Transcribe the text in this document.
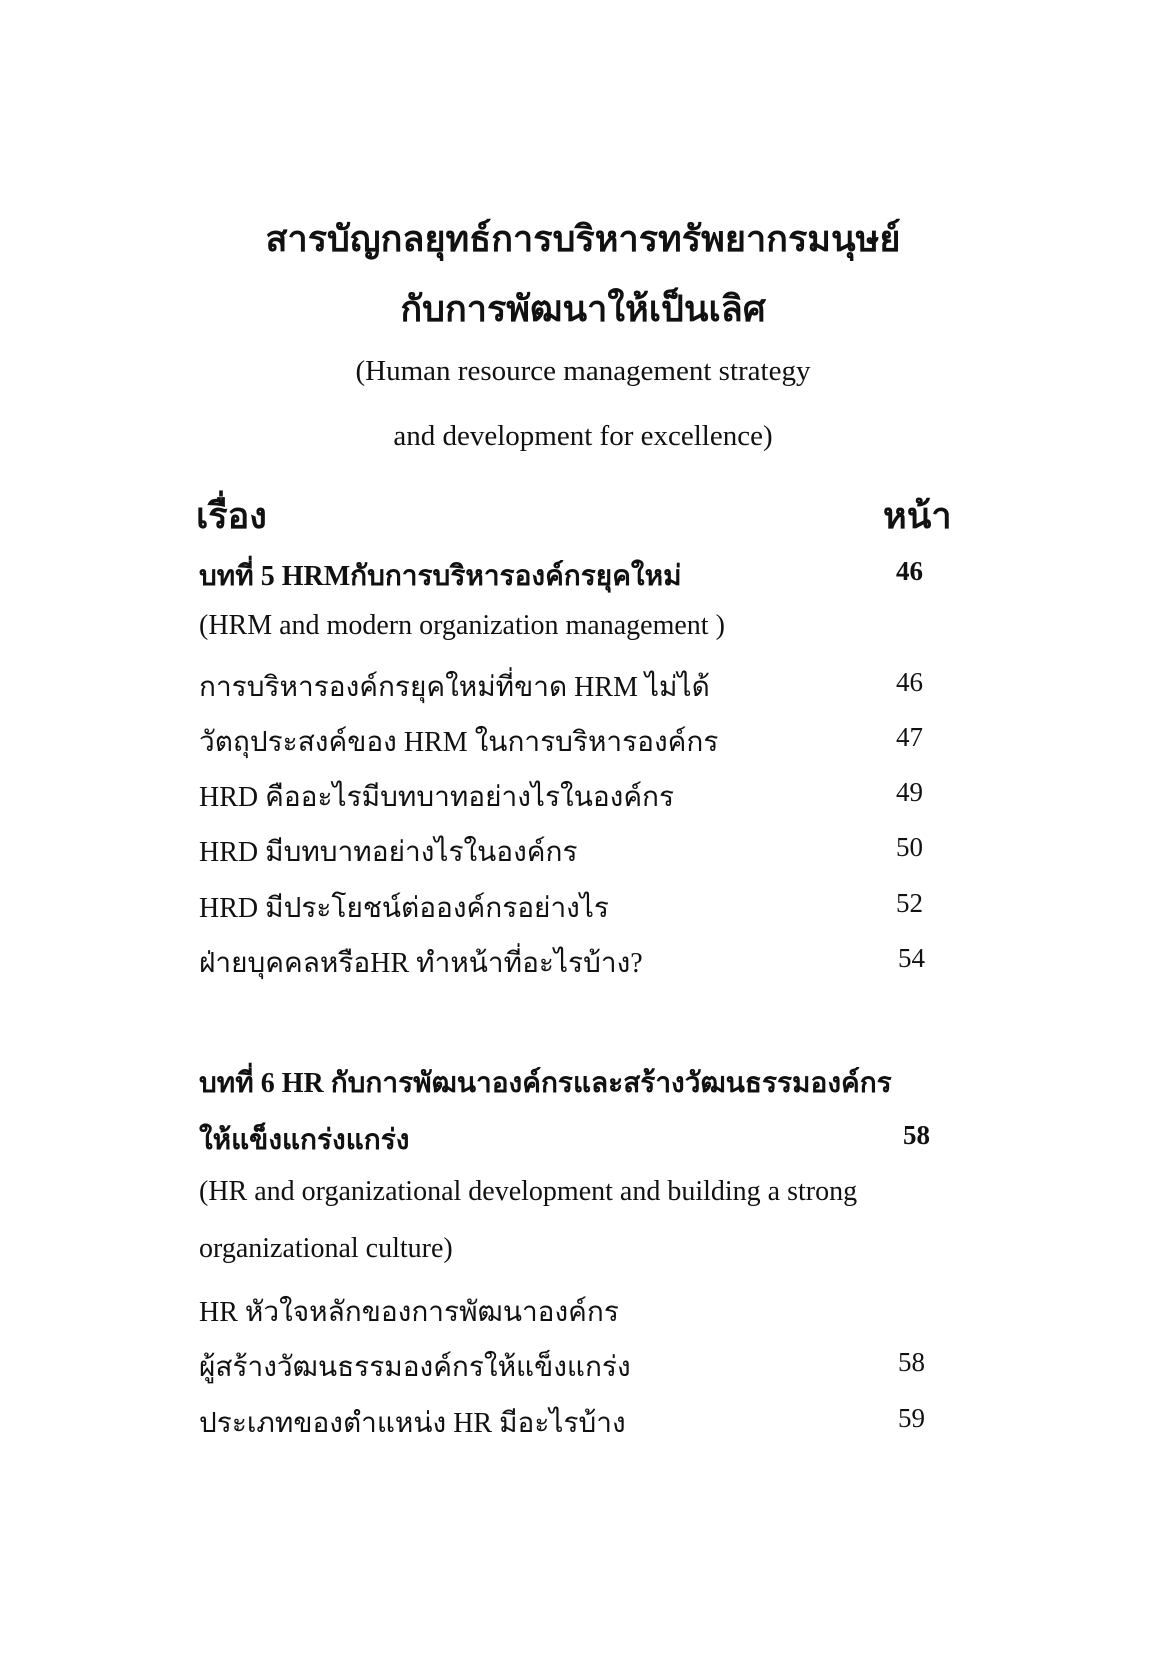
สารบัญกลยุทธ์การบริหารทรัพยากรมนุษย์
กับการพัฒนาให้เป็นเลิศ
(Human resource management strategy
and development for excellence)
เรื่อง	หน้า
บทที่ 5 HRMกับการบริหารองค์กรยุคใหม่	46
(HRM and modern organization management )
การบริหารองค์กรยุคใหม่ที่ขาด HRM ไม่ได้	46
วัตถุประสงค์ของ HRM ในการบริหารองค์กร	47
HRD คืออะไรมีบทบาทอย่างไรในองค์กร	49
HRD มีบทบาทอย่างไรในองค์กร	50
HRD มีประโยชน์ต่อองค์กรอย่างไร	52
ฝ่ายบุคคลหรือHR ทำหน้าที่อะไรบ้าง?	54
บทที่ 6 HR กับการพัฒนาองค์กรและสร้างวัฒนธรรมองค์กร
ให้แข็งแกร่งแกร่ง	58
(HR and organizational development and building a strong
organizational culture)
HR หัวใจหลักของการพัฒนาองค์กร
ผู้สร้างวัฒนธรรมองค์กรให้แข็งแกร่ง	58
ประเภทของตำแหน่ง HR มีอะไรบ้าง	59
